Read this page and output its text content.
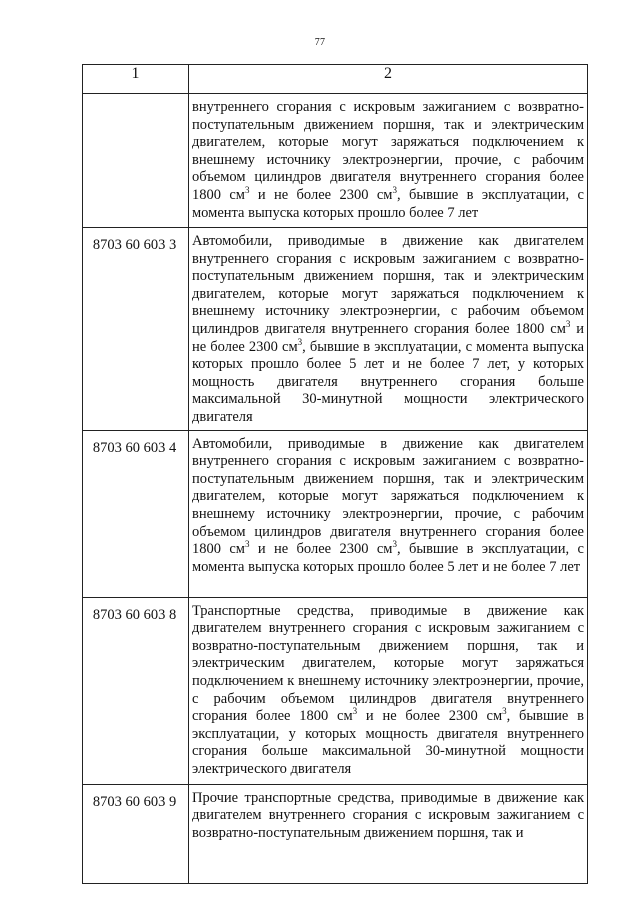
77
1	2

	внутреннего сгорания с искровым зажиганием с возвратно-поступательным движением поршня, так и электрическим двигателем, которые могут заряжаться подключением к внешнему источнику электроэнергии, прочие, с рабочим объемом цилиндров двигателя внутреннего сгорания более 1800 $см^3$ и не более 2300 $см^3$, бывшие в эксплуатации, с момента выпуска которых прошло более 7 лет

8703 60 603 3	Автомобили, приводимые в движение как двигателем внутреннего сгорания с искровым зажиганием с возвратно-поступательным движением поршня, так и электрическим двигателем, которые могут заряжаться подключением к внешнему источнику электроэнергии, с рабочим объемом цилиндров двигателя внутреннего сгорания более 1800 $см^3$ и не более 2300 $см^3$, бывшие в эксплуатации, с момента выпуска которых прошло более 5 лет и не более 7 лет, у которых мощность двигателя внутреннего сгорания больше максимальной 30-минутной мощности электрического двигателя

8703 60 603 4	Автомобили, приводимые в движение как двигателем внутреннего сгорания с искровым зажиганием с возвратно-поступательным движением поршня, так и электрическим двигателем, которые могут заряжаться подключением к внешнему источнику электроэнергии, прочие, с рабочим объемом цилиндров двигателя внутреннего сгорания более 1800 $см^3$ и не более 2300 $см^3$, бывшие в эксплуатации, с момента выпуска которых прошло более 5 лет и не более 7 лет

8703 60 603 8	Транспортные средства, приводимые в движение как двигателем внутреннего сгорания с искровым зажиганием с возвратно-поступательным движением поршня, так и электрическим двигателем, которые могут заряжаться подключением к внешнему источнику электроэнергии, прочие, с рабочим объемом цилиндров двигателя внутреннего сгорания более 1800 $см^3$ и не более 2300 $см^3$, бывшие в эксплуатации, у которых мощность двигателя внутреннего сгорания больше максимальной 30-минутной мощности электрического двигателя

8703 60 603 9	Прочие транспортные средства, приводимые в движение как двигателем внутреннего сгорания с искровым зажиганием с возвратно-поступательным движением поршня, так и
